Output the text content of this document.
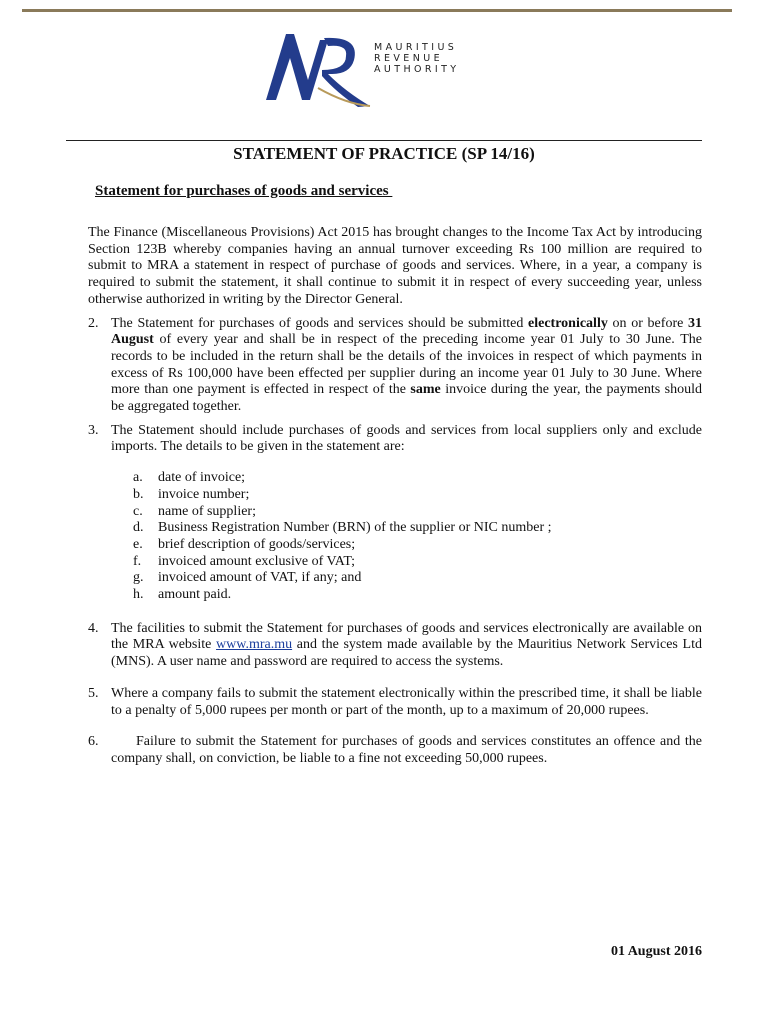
MAURITIUS
REVENUE
AUTHORITY
STATEMENT OF PRACTICE (SP 14/16)
Statement for purchases of goods and services

The Finance (Miscellaneous Provisions) Act 2015 has brought changes to the Income Tax Act by introducing Section 123B whereby companies having an annual turnover exceeding Rs 100 million are required to submit to MRA a statement in respect of purchase of goods and services. Where, in a year, a company is required to submit the statement, it shall continue to submit it in respect of every succeeding year, unless otherwise authorized in writing by the Director General.

2. The Statement for purchases of goods and services should be submitted electronically on or before 31 August of every year and shall be in respect of the preceding income year 01 July to 30 June. The records to be included in the return shall be the details of the invoices in respect of which payments in excess of Rs 100,000 have been effected per supplier during an income year 01 July to 30 June. Where more than one payment is effected in respect of the same invoice during the year, the payments should be aggregated together.
3. The Statement should include purchases of goods and services from local suppliers only and exclude imports. The details to be given in the statement are:
a.	date of invoice;
b.	invoice number;
c.	name of supplier;
d.	Business Registration Number (BRN) of the supplier or NIC number ;
e.	brief description of goods/services;
f.	invoiced amount exclusive of VAT;
g.	invoiced amount of VAT, if any; and
h.	amount paid.
4. The facilities to submit the Statement for purchases of goods and services electronically are available on the MRA website www.mra.mu and the system made available by the Mauritius Network Services Ltd (MNS). A user name and password are required to access the systems.
5. Where a company fails to submit the statement electronically within the prescribed time, it shall be liable to a penalty of 5,000 rupees per month or part of the month, up to a maximum of 20,000 rupees.
6.	Failure to submit the Statement for purchases of goods and services constitutes an offence and the company shall, on conviction, be liable to a fine not exceeding 50,000 rupees.
01 August 2016
